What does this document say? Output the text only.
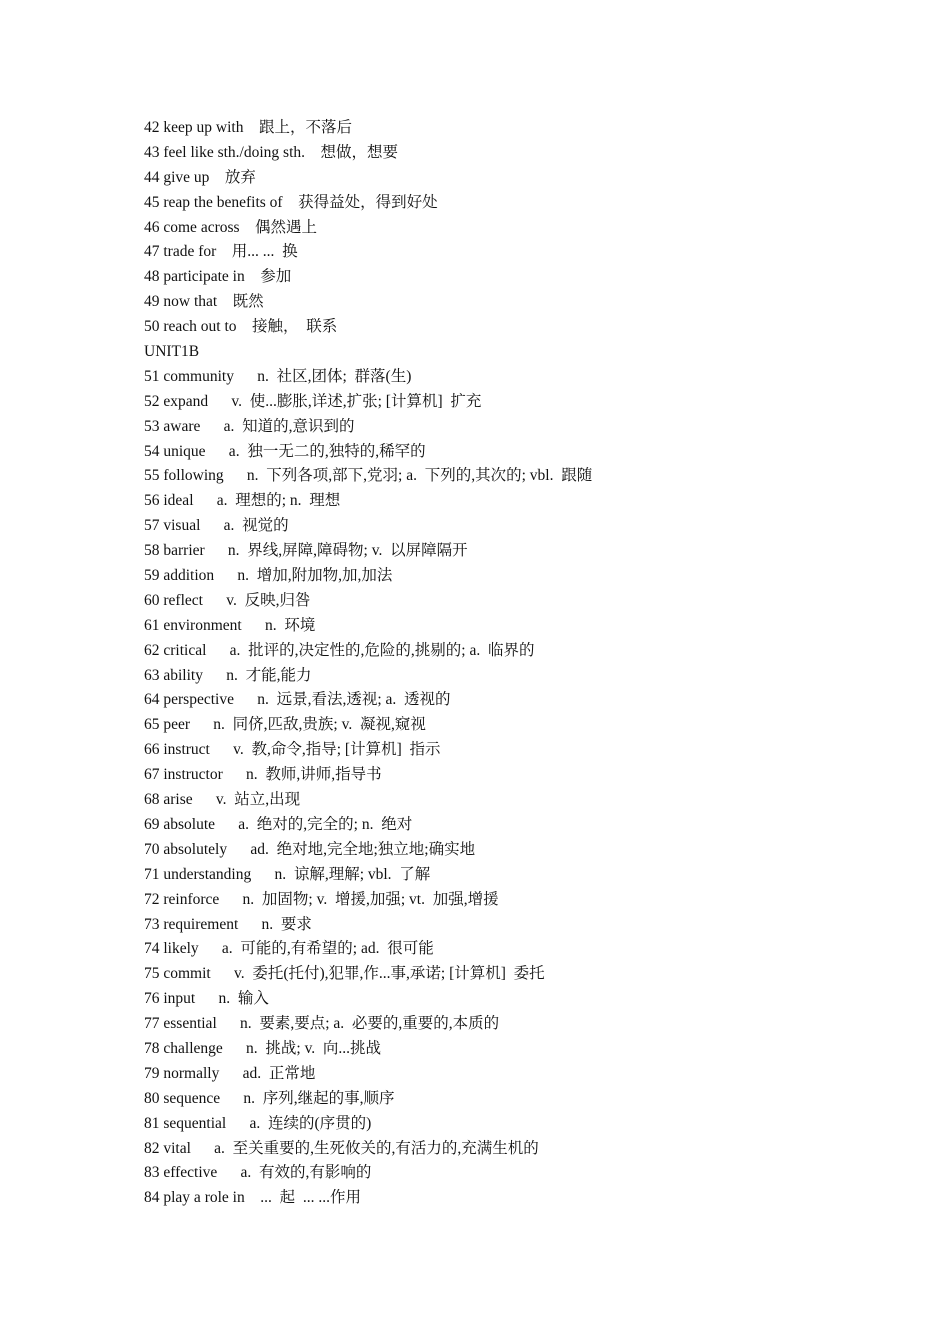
42 keep up with    跟上，不落后
43 feel like sth./doing sth.    想做，想要
44 give up    放弃
45 reap the benefits of    获得益处，得到好处
46 come across    偶然遇上
47 trade for    用... ...  换
48 participate in    参加
49 now that    既然
50 reach out to    接触，  联系
UNIT1B
51 community      n.  社区,团体;  群落(生)
52 expand      v.  使...膨胀,详述,扩张; [计算机]  扩充
53 aware      a.  知道的,意识到的
54 unique      a.  独一无二的,独特的,稀罕的
55 following      n.  下列各项,部下,党羽; a.  下列的,其次的; vbl.  跟随
56 ideal      a.  理想的; n.  理想
57 visual      a.  视觉的
58 barrier      n.  界线,屏障,障碍物; v.  以屏障隔开
59 addition      n.  增加,附加物,加,加法
60 reflect      v.  反映,归咎
61 environment      n.  环境
62 critical      a.  批评的,决定性的,危险的,挑剔的; a.  临界的
63 ability      n.  才能,能力
64 perspective      n.  远景,看法,透视; a.  透视的
65 peer      n.  同侪,匹敌,贵族; v.  凝视,窥视
66 instruct      v.  教,命令,指导; [计算机]  指示
67 instructor      n.  教师,讲师,指导书
68 arise      v.  站立,出现
69 absolute      a.  绝对的,完全的; n.  绝对
70 absolutely      ad.  绝对地,完全地;独立地;确实地
71 understanding      n.  谅解,理解; vbl.  了解
72 reinforce      n.  加固物; v.  增援,加强; vt.  加强,增援
73 requirement      n.  要求
74 likely      a.  可能的,有希望的; ad.  很可能
75 commit      v.  委托(托付),犯罪,作...事,承诺; [计算机]  委托
76 input      n.  输入
77 essential      n.  要素,要点; a.  必要的,重要的,本质的
78 challenge      n.  挑战; v.  向...挑战
79 normally      ad.  正常地
80 sequence      n.  序列,继起的事,顺序
81 sequential      a.  连续的(序贯的)
82 vital      a.  至关重要的,生死攸关的,有活力的,充满生机的
83 effective      a.  有效的,有影响的
84 play a role in    ...  起  ... ...作用
